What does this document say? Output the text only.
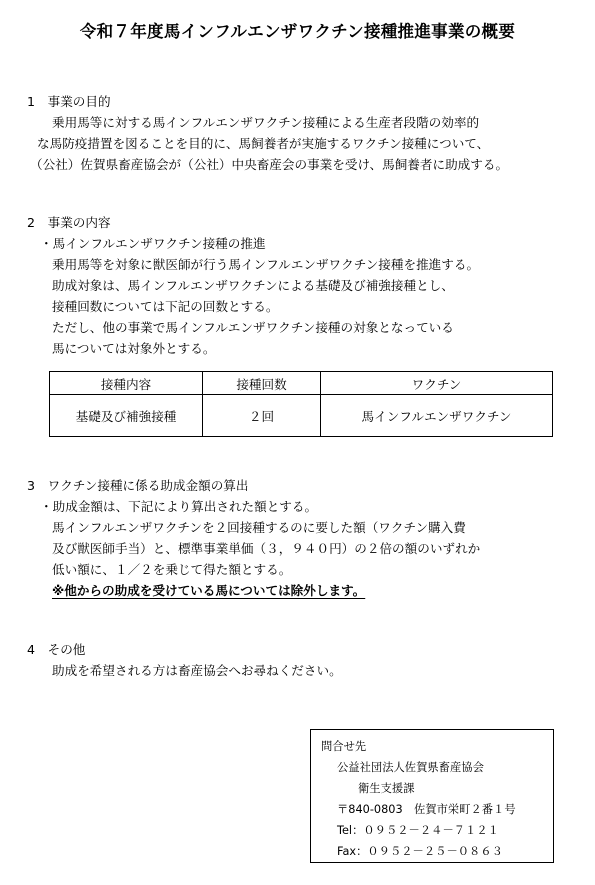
令和７年度馬インフルエンザワクチン接種推進事業の概要
1　事業の目的
乗用馬等に対する馬インフルエンザワクチン接種による生産者段階の効率的
な馬防疫措置を図ることを目的に、馬飼養者が実施するワクチン接種について、
（公社）佐賀県畜産協会が（公社）中央畜産会の事業を受け、馬飼養者に助成する。
2　事業の内容
・馬インフルエンザワクチン接種の推進
乗用馬等を対象に獣医師が行う馬インフルエンザワクチン接種を推進する。
助成対象は、馬インフルエンザワクチンによる基礎及び補強接種とし、
接種回数については下記の回数とする。
ただし、他の事業で馬インフルエンザワクチン接種の対象となっている
馬については対象外とする。
接種内容	接種回数	ワクチン
基礎及び補強接種	２回	馬インフルエンザワクチン
3　ワクチン接種に係る助成金額の算出
・助成金額は、下記により算出された額とする。
馬インフルエンザワクチンを２回接種するのに要した額（ワクチン購入費
及び獣医師手当）と、標準事業単価（３，９４０円）の２倍の額のいずれか
低い額に、１／２を乗じて得た額とする。
※他からの助成を受けている馬については除外します。
4　その他
助成を希望される方は畜産協会へお尋ねください。
問合せ先
公益社団法人佐賀県畜産協会
衛生支援課
〒840-0803　佐賀市栄町２番１号
Tel：０９５２－２４－７１２１
Fax：０９５２－２５－０８６３
